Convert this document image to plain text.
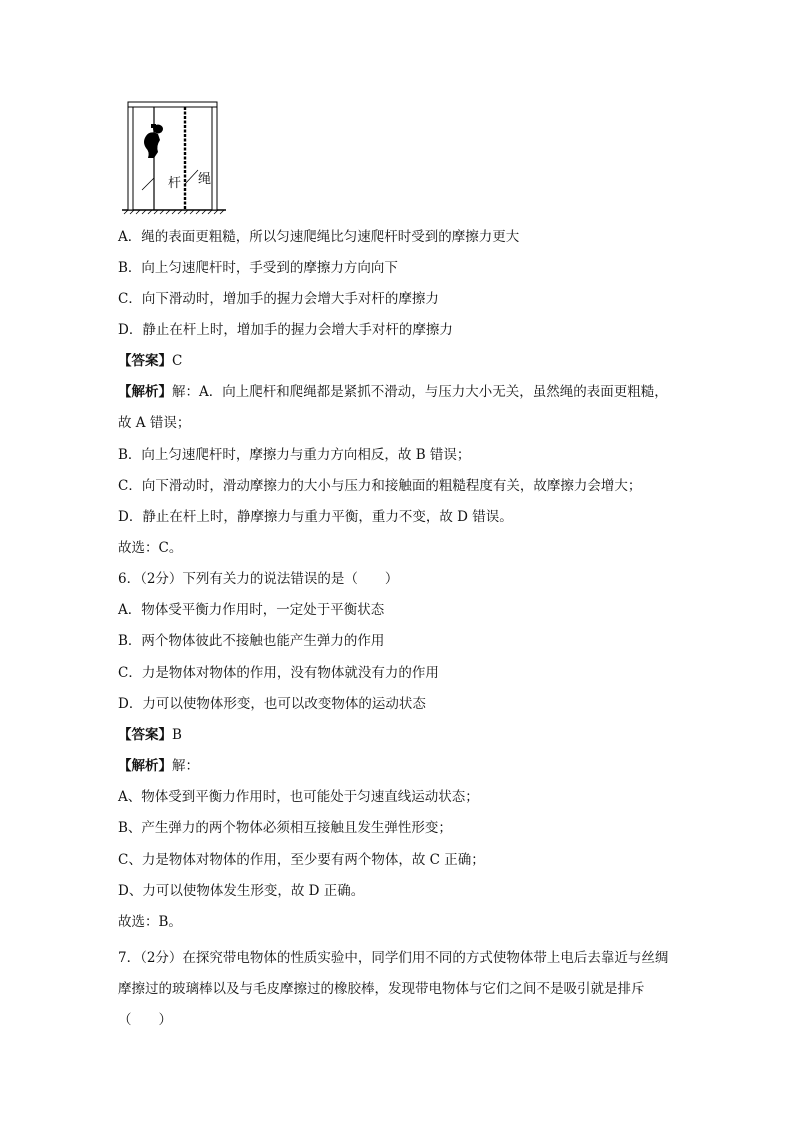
杆 绳
A．绳的表面更粗糙，所以匀速爬绳比匀速爬杆时受到的摩擦力更大
B．向上匀速爬杆时，手受到的摩擦力方向向下
C．向下滑动时，增加手的握力会增大手对杆的摩擦力
D．静止在杆上时，增加手的握力会增大手对杆的摩擦力
【答案】C
【解析】解：A．向上爬杆和爬绳都是紧抓不滑动，与压力大小无关，虽然绳的表面更粗糙，
故 A 错误；
B．向上匀速爬杆时，摩擦力与重力方向相反，故 B 错误；
C．向下滑动时，滑动摩擦力的大小与压力和接触面的粗糙程度有关，故摩擦力会增大；
D．静止在杆上时，静摩擦力与重力平衡，重力不变，故 D 错误。
故选：C。
6．（2分）下列有关力的说法错误的是（　　）
A．物体受平衡力作用时，一定处于平衡状态
B．两个物体彼此不接触也能产生弹力的作用
C．力是物体对物体的作用，没有物体就没有力的作用
D．力可以使物体形变，也可以改变物体的运动状态
【答案】B
【解析】解：
A、物体受到平衡力作用时，也可能处于匀速直线运动状态；
B、产生弹力的两个物体必须相互接触且发生弹性形变；
C、力是物体对物体的作用，至少要有两个物体，故 C 正确；
D、力可以使物体发生形变，故 D 正确。
故选：B。
7．（2分）在探究带电物体的性质实验中，同学们用不同的方式使物体带上电后去靠近与丝绸摩擦过的玻璃棒以及与毛皮摩擦过的橡胶棒，发现带电物体与它们之间不是吸引就是排斥（　　）
